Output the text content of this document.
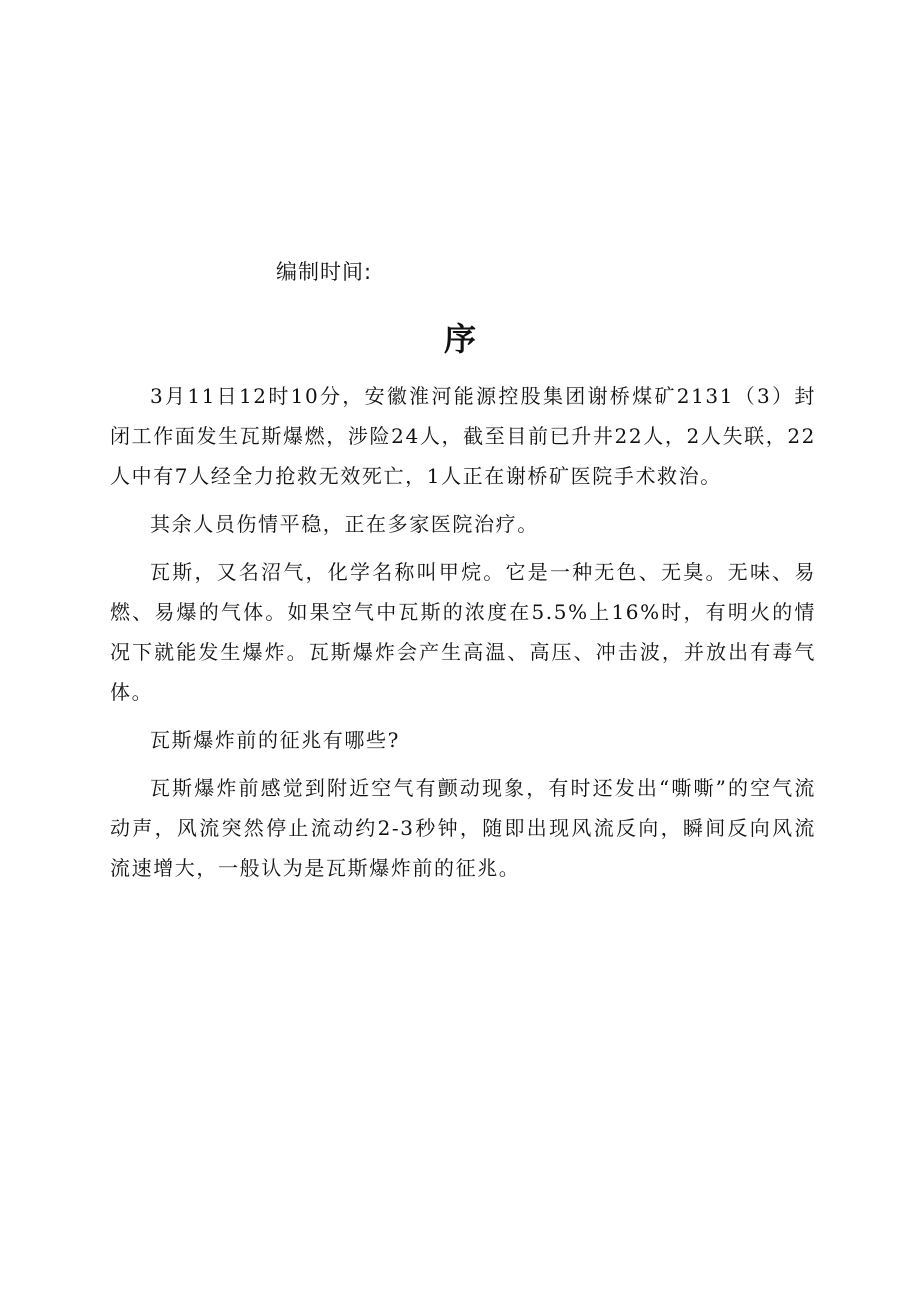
编制时间:
序

3月11日12时10分，安徽淮河能源控股集团谢桥煤矿2131（3）封闭工作面发生瓦斯爆燃，涉险24人，截至目前已升井22人，2人失联，22人中有7人经全力抢救无效死亡，1人正在谢桥矿医院手术救治。

其余人员伤情平稳，正在多家医院治疗。

瓦斯，又名沼气，化学名称叫甲烷。它是一种无色、无臭。无味、易燃、易爆的气体。如果空气中瓦斯的浓度在5.5%上16%时，有明火的情况下就能发生爆炸。瓦斯爆炸会产生高温、高压、冲击波，并放出有毒气体。

瓦斯爆炸前的征兆有哪些?

瓦斯爆炸前感觉到附近空气有颤动现象，有时还发出“嘶嘶”的空气流动声，风流突然停止流动约2-3秒钟，随即出现风流反向，瞬间反向风流流速增大，一般认为是瓦斯爆炸前的征兆。
